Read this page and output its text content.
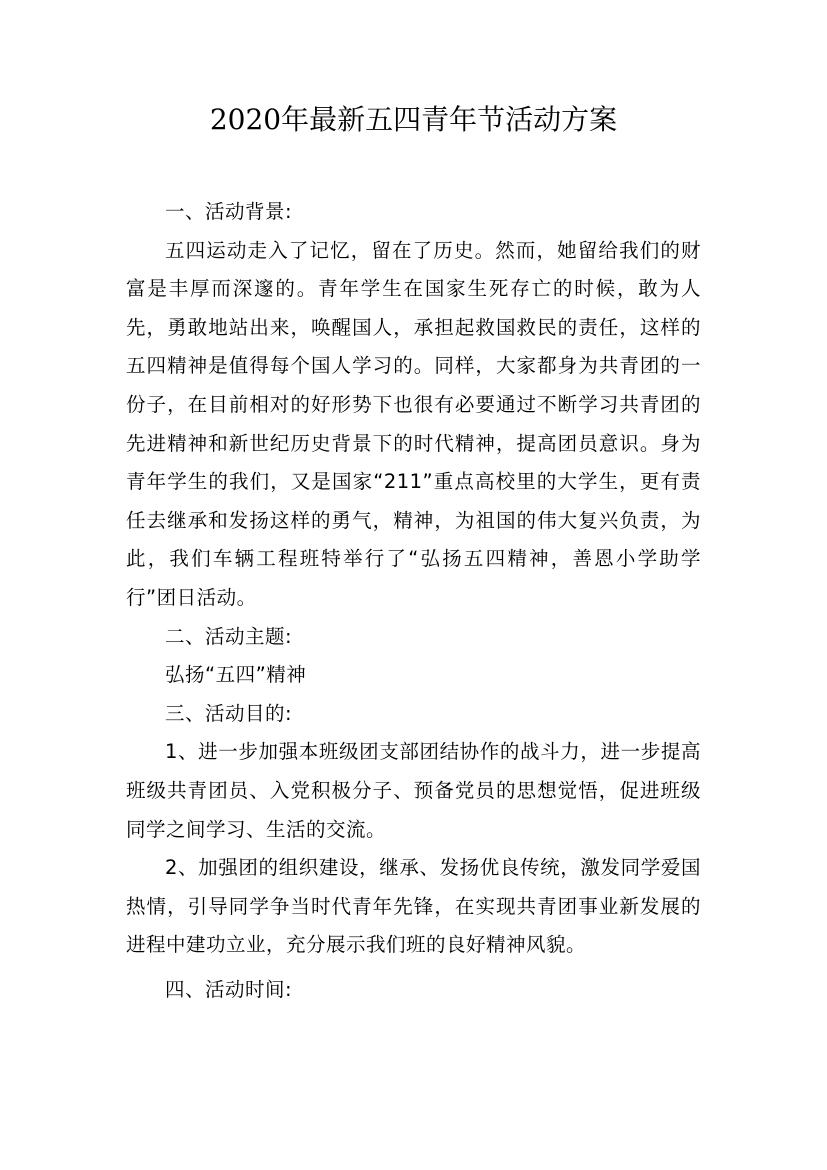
2020年最新五四青年节活动方案

一、活动背景:

五四运动走入了记忆，留在了历史。然而，她留给我们的财富是丰厚而深邃的。青年学生在国家生死存亡的时候，敢为人先，勇敢地站出来，唤醒国人，承担起救国救民的责任，这样的五四精神是值得每个国人学习的。同样，大家都身为共青团的一份子，在目前相对的好形势下也很有必要通过不断学习共青团的先进精神和新世纪历史背景下的时代精神，提高团员意识。身为青年学生的我们，又是国家“211”重点高校里的大学生，更有责任去继承和发扬这样的勇气，精神，为祖国的伟大复兴负责，为此，我们车辆工程班特举行了“弘扬五四精神，善恩小学助学行”团日活动。

二、活动主题:

弘扬“五四”精神

三、活动目的:

1、进一步加强本班级团支部团结协作的战斗力，进一步提高班级共青团员、入党积极分子、预备党员的思想觉悟，促进班级同学之间学习、生活的交流。

2、加强团的组织建设，继承、发扬优良传统，激发同学爱国热情，引导同学争当时代青年先锋，在实现共青团事业新发展的进程中建功立业，充分展示我们班的良好精神风貌。

四、活动时间:
